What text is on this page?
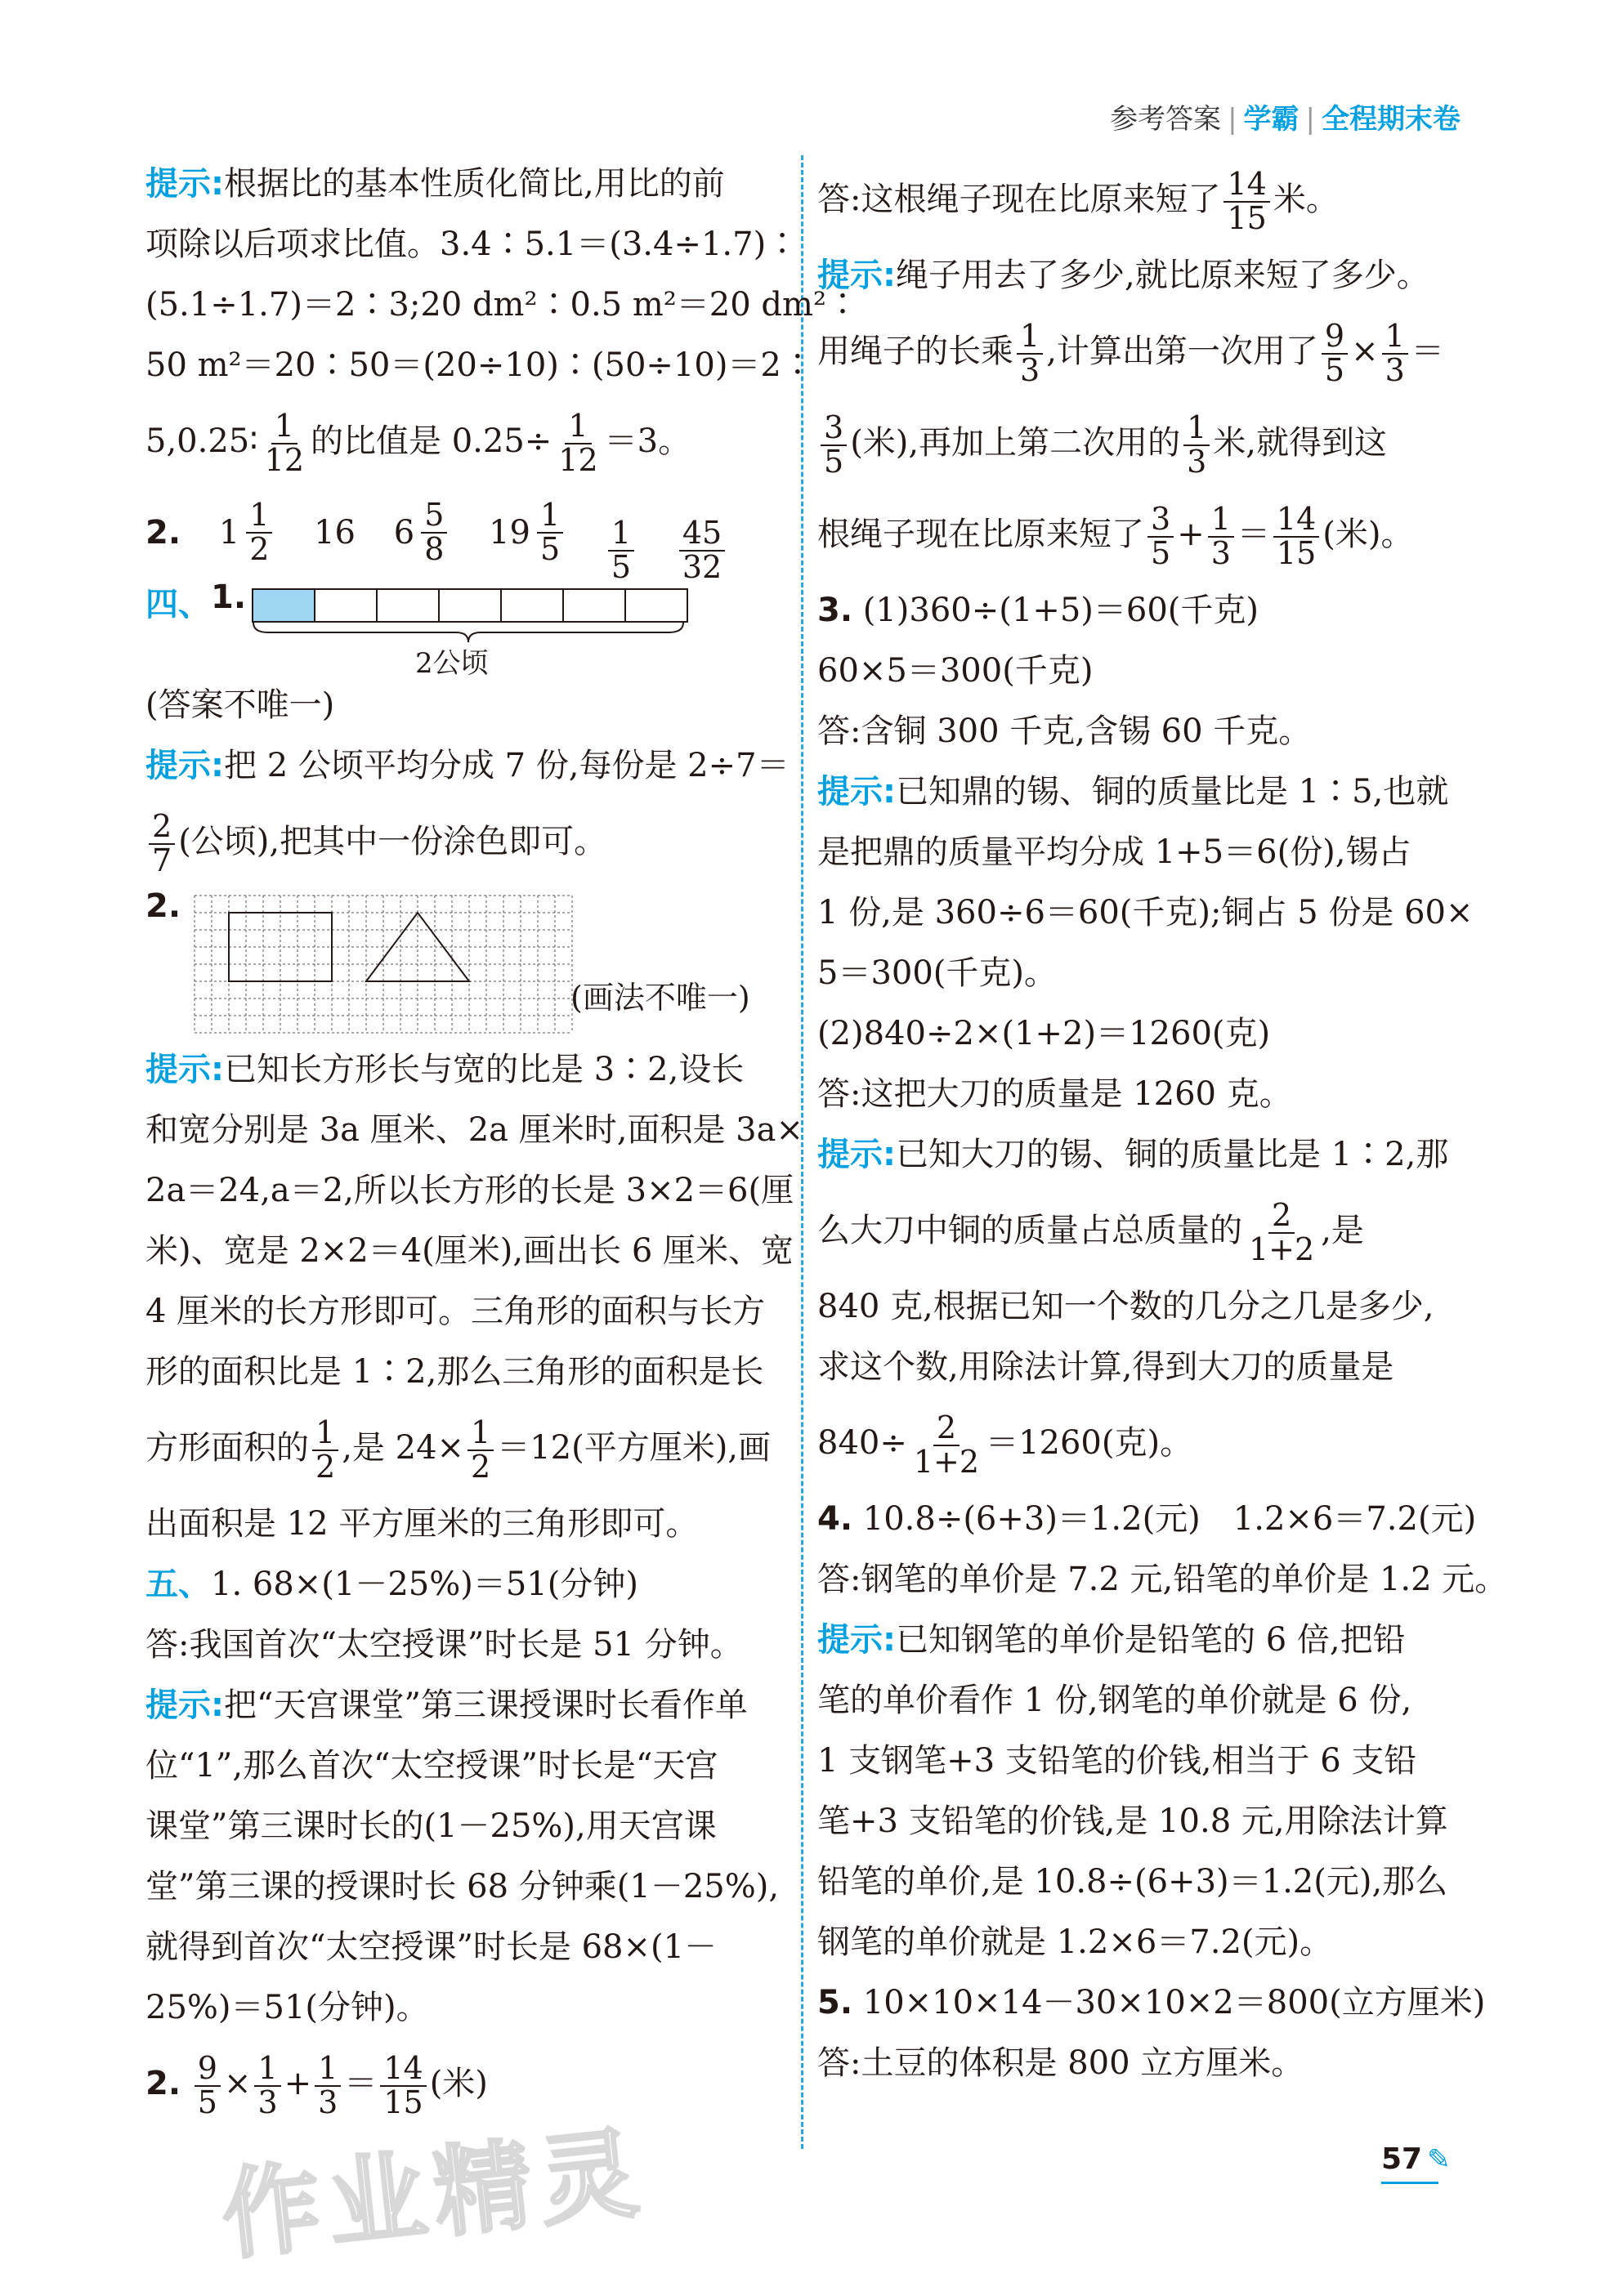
参考答案 | 学霸 | 全程期末卷
提示:根据比的基本性质化简比,用比的前
项除以后项求比值。3.4∶5.1＝(3.4÷1.7)∶
(5.1÷1.7)＝2∶3;20 dm²∶0.5 m²＝20 dm²∶
50 m²＝20∶50＝(20÷10)∶(50÷10)＝2∶
5,0.25∶ $\frac{1}{12}$ 的比值是 $0.25\div \frac{1}{12} =3$。
2. $1 \frac{1}{2}$
16
$6 \frac{5}{8}$
$19 \frac{1}{5}$
$\frac{1}{5}$
$\frac{45}{32}$
四、 1.
2公顷
(答案不唯一)
提示:把 2 公顷平均分成 7 份,每份是 2÷7＝
$\frac{2}{7}$ (公顷),把其中一份涂色即可。
2.
(画法不唯一)
提示:已知长方形长与宽的比是 3∶2,设长
和宽分别是 3a 厘米、2a 厘米时,面积是 3a×
2a＝24,a＝2,所以长方形的长是 3×2＝6(厘
米)、宽是 2×2＝4(厘米),画出长 6 厘米、宽
4 厘米的长方形即可。三角形的面积与长方
形的面积比是 1∶2,那么三角形的面积是长
方形面积的 $\frac{1}{2}$ ,是 $24\times \frac{1}{2} =12$(平方厘米),画
出面积是 12 平方厘米的三角形即可。
五、1. 68×(1－25%)＝51(分钟)
答:我国首次“太空授课”时长是 51 分钟。
提示:把“天宫课堂”第三课授课时长看作单
位“1”,那么首次“太空授课”时长是“天宫
课堂”第三课时长的(1－25%),用天宫课
堂”第三课的授课时长 68 分钟乘(1－25%),
就得到首次“太空授课”时长是 68×(1－
25%)＝51(分钟)。
2. $\frac{9}{5} \times \frac{1}{3} + \frac{1}{3} = \frac{14}{15}$ (米)
答:这根绳子现在比原来短了 $\frac{14}{15}$ 米。
提示:绳子用去了多少,就比原来短了多少。
用绳子的长乘 $\frac{1}{3}$ ,计算出第一次用了 $\frac{9}{5} \times \frac{1}{3}$ ＝
$\frac{3}{5}$ (米),再加上第二次用的 $\frac{1}{3}$ 米,就得到这
根绳子现在比原来短了 $\frac{3}{5} + \frac{1}{3} = \frac{14}{15}$ (米)。
3. (1)360÷(1+5)＝60(千克)
60×5＝300(千克)
答:含铜 300 千克,含锡 60 千克。
提示:已知鼎的锡、铜的质量比是 1∶5,也就
是把鼎的质量平均分成 1+5＝6(份),锡占
1 份,是 360÷6＝60(千克);铜占 5 份是 60×
5＝300(千克)。
(2)840÷2×(1+2)＝1260(克)
答:这把大刀的质量是 1260 克。
提示:已知大刀的锡、铜的质量比是 1∶2,那
么大刀中铜的质量占总质量的 $\frac{2}{1+2}$ ,是
840 克,根据已知一个数的几分之几是多少,
求这个数,用除法计算,得到大刀的质量是
$840\div \frac{2}{1+2} =1260$(克)。
4. 10.8÷(6+3)＝1.2(元)　1.2×6＝7.2(元)
答:钢笔的单价是 7.2 元,铅笔的单价是 1.2 元。
提示:已知钢笔的单价是铅笔的 6 倍,把铅
笔的单价看作 1 份,钢笔的单价就是 6 份,
1 支钢笔+3 支铅笔的价钱,相当于 6 支铅
笔+3 支铅笔的价钱,是 10.8 元,用除法计算
铅笔的单价,是 10.8÷(6+3)＝1.2(元),那么
钢笔的单价就是 1.2×6＝7.2(元)。
5. 10×10×14－30×10×2＝800(立方厘米)
答:土豆的体积是 800 立方厘米。
作业精灵	57 ✎
